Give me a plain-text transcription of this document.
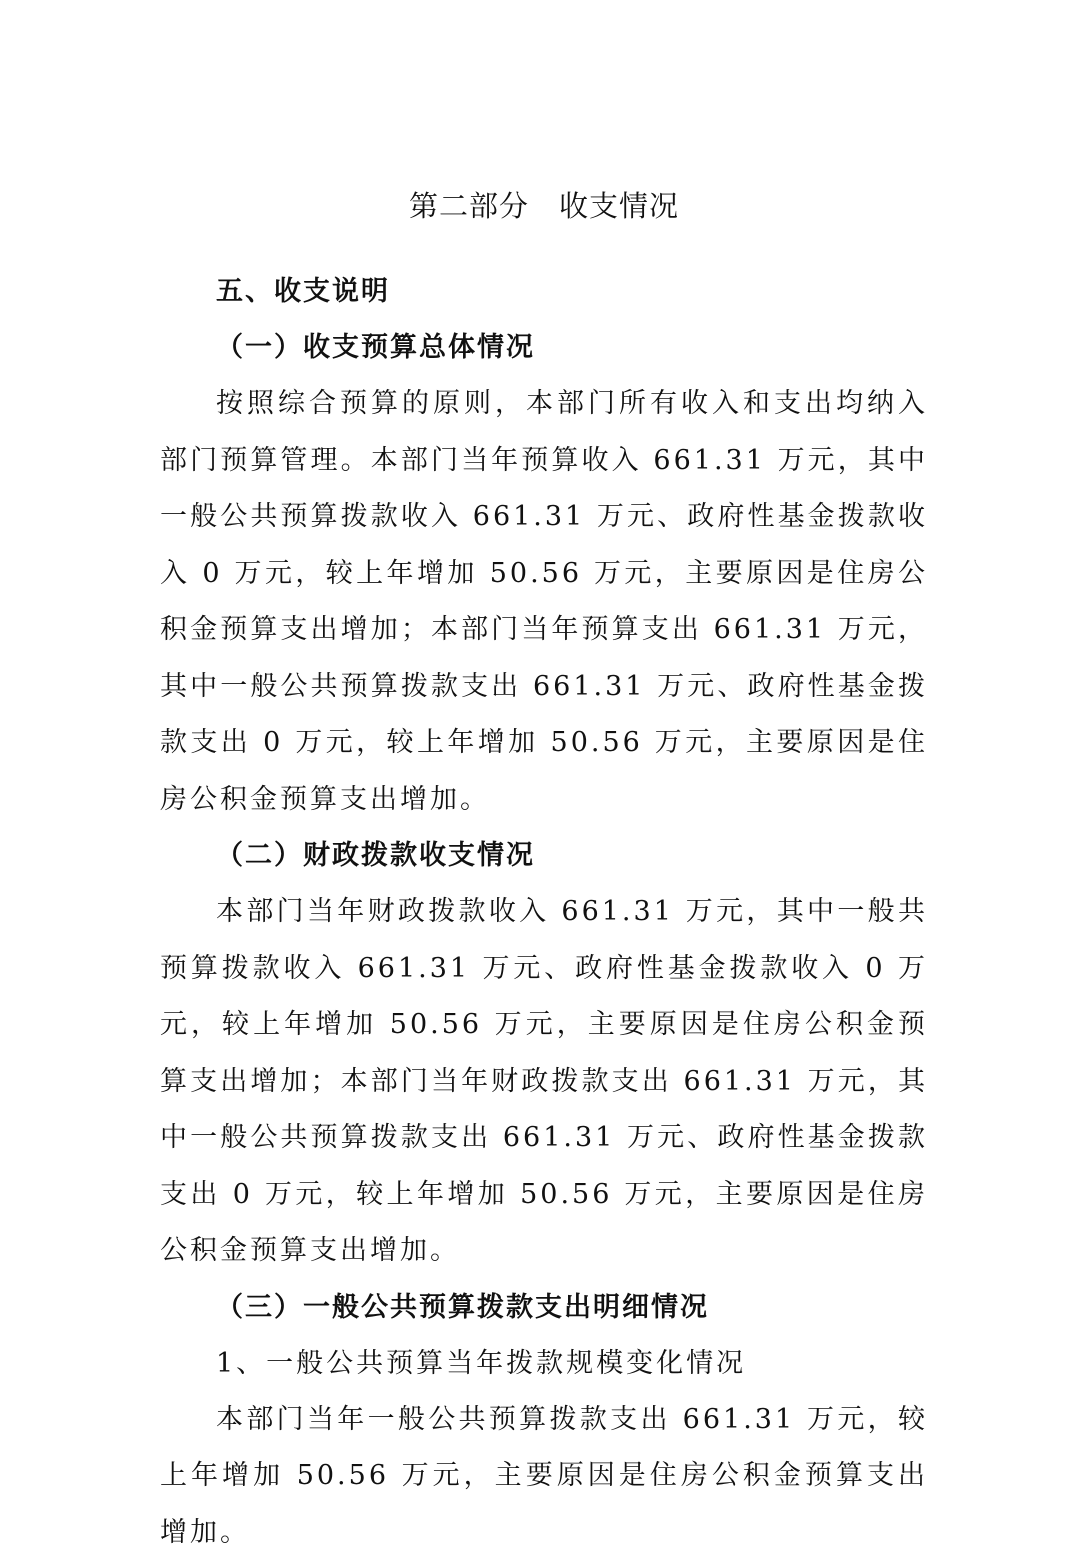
第二部分　收支情况
五、收支说明
（一）收支预算总体情况

按照综合预算的原则，本部门所有收入和支出均纳入部门预算管理。本部门当年预算收入 661.31 万元，其中一般公共预算拨款收入 661.31 万元、政府性基金拨款收入 0 万元，较上年增加 50.56 万元，主要原因是住房公积金预算支出增加；本部门当年预算支出 661.31 万元，其中一般公共预算拨款支出 661.31 万元、政府性基金拨款支出 0 万元，较上年增加 50.56 万元，主要原因是住房公积金预算支出增加。

（二）财政拨款收支情况

本部门当年财政拨款收入 661.31 万元，其中一般共预算拨款收入 661.31 万元、政府性基金拨款收入 0 万元，较上年增加 50.56 万元，主要原因是住房公积金预算支出增加；本部门当年财政拨款支出 661.31 万元，其中一般公共预算拨款支出 661.31 万元、政府性基金拨款支出 0 万元，较上年增加 50.56 万元，主要原因是住房公积金预算支出增加。

（三）一般公共预算拨款支出明细情况
1、一般公共预算当年拨款规模变化情况

本部门当年一般公共预算拨款支出 661.31 万元，较上年增加 50.56 万元，主要原因是住房公积金预算支出增加。
